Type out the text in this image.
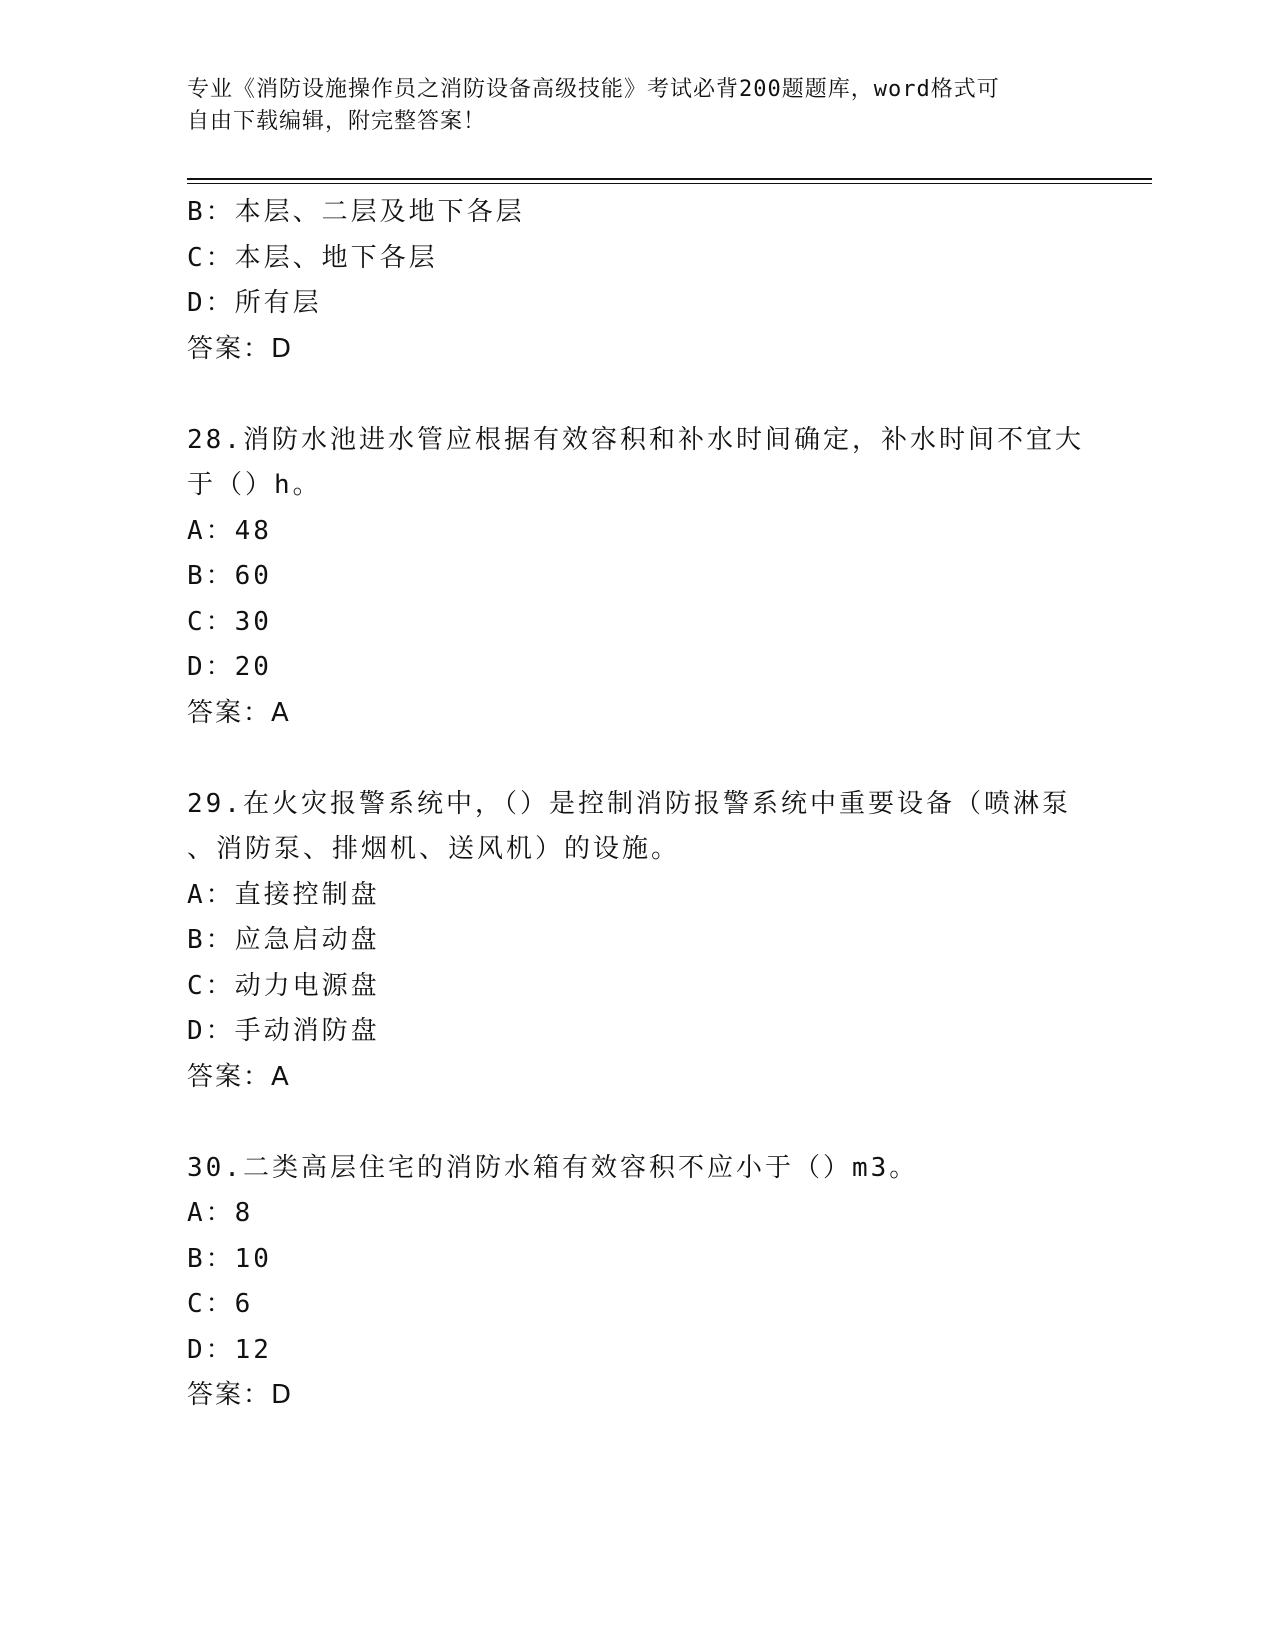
专业《消防设施操作员之消防设备高级技能》考试必背200题题库，word格式可
自由下载编辑，附完整答案！
B：本层、二层及地下各层
C：本层、地下各层
D：所有层
答案：D
28.消防水池进水管应根据有效容积和补水时间确定，补水时间不宜大
于（）h。
A：48
B：60
C：30
D：20
答案：A
29.在火灾报警系统中，（）是控制消防报警系统中重要设备（喷淋泵
、消防泵、排烟机、送风机）的设施。
A：直接控制盘
B：应急启动盘
C：动力电源盘
D：手动消防盘
答案：A
30.二类高层住宅的消防水箱有效容积不应小于（）m3。
A：8
B：10
C：6
D：12
答案：D
